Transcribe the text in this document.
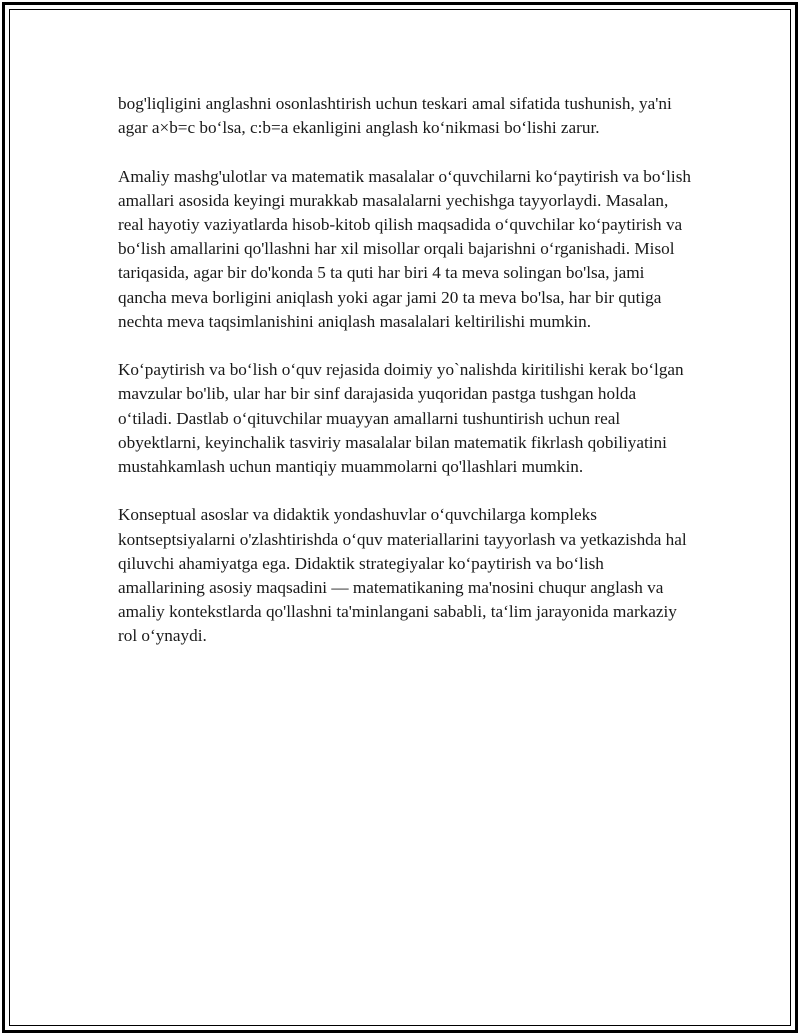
bog'liqligini anglashni osonlashtirish uchun teskari amal sifatida tushunish, ya'ni agar a×b=c bo‘lsa, c:b=a ekanligini anglash ko‘nikmasi bo‘lishi zarur.

Amaliy mashg'ulotlar va matematik masalalar o‘quvchilarni ko‘paytirish va bo‘lish amallari asosida keyingi murakkab masalalarni yechishga tayyorlaydi. Masalan, real hayotiy vaziyatlarda hisob-kitob qilish maqsadida o‘quvchilar ko‘paytirish va bo‘lish amallarini qo'llashni har xil misollar orqali bajarishni o‘rganishadi. Misol tariqasida, agar bir do'konda 5 ta quti har biri 4 ta meva solingan bo'lsa, jami qancha meva borligini aniqlash yoki agar jami 20 ta meva bo'lsa, har bir qutiga nechta meva taqsimlanishini aniqlash masalalari keltirilishi mumkin.

Ko‘paytirish va bo‘lish o‘quv rejasida doimiy yo`nalishda kiritilishi kerak bo‘lgan mavzular bo'lib, ular har bir sinf darajasida yuqoridan pastga tushgan holda o‘tiladi. Dastlab o‘qituvchilar muayyan amallarni tushuntirish uchun real obyektlarni, keyinchalik tasviriy masalalar bilan matematik fikrlash qobiliyatini mustahkamlash uchun mantiqiy muammolarni qo'llashlari mumkin.

Konseptual asoslar va didaktik yondashuvlar o‘quvchilarga kompleks kontseptsiyalarni o'zlashtirishda o‘quv materiallarini tayyorlash va yetkazishda hal qiluvchi ahamiyatga ega. Didaktik strategiyalar ko‘paytirish va bo‘lish amallarining asosiy maqsadini — matematikaning ma'nosini chuqur anglash va amaliy kontekstlarda qo'llashni ta'minlangani sababli, ta‘lim jarayonida markaziy rol o‘ynaydi.
